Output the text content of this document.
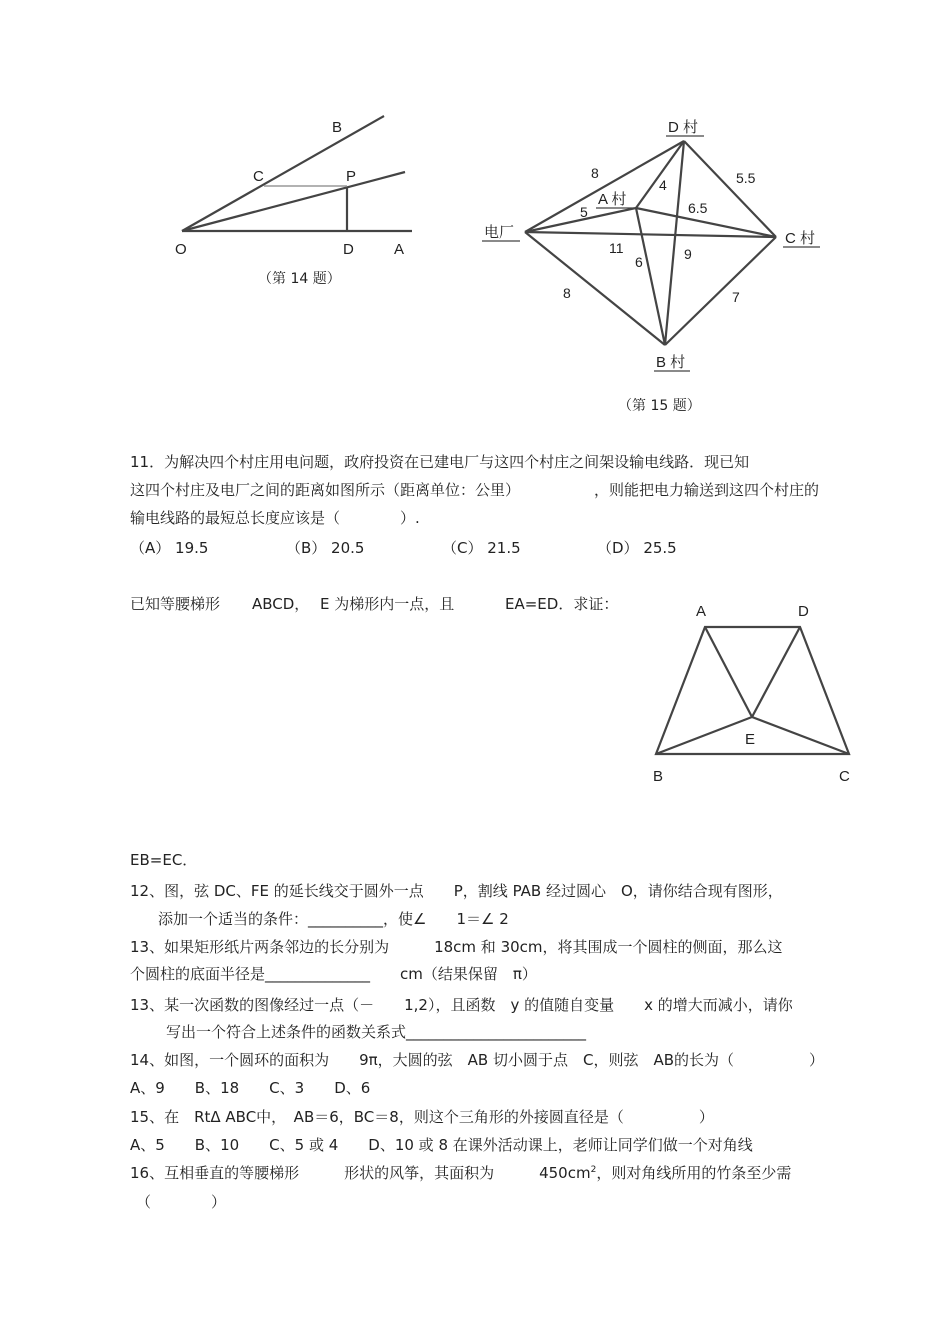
B
C	P
O	D	A
（第 14 题）
D 村
A 村
C 村
B 村
电厂
8
4	5.5
5	6.5
11
6	9
8	7
（第 15 题）
11．为解决四个村庄用电问题，政府投资在已建电厂与这四个村庄之间架设输电线路．现已知
这四个村庄及电厂之间的距离如图所示（距离单位：公里）	，则能把电力输送到这四个村庄的
输电线路的最短总长度应该是（　　　　）.
（A） 19.5	（B） 20.5	（C） 21.5	（D） 25.5
已知等腰梯形 ABCD， E 为梯形内一点，且	EA=ED．求证：	A	D
E
B	C
EB=EC．
12、图，弦 DC、FE 的延长线交于圆外一点　　P，割线 PAB 经过圆心　O，请你结合现有图形，
添加一个适当的条件：__________，使∠　　1＝∠ 2
13、如果矩形纸片两条邻边的长分别为　　　18cm 和 30cm，将其围成一个圆柱的侧面，那么这
个圆柱的底面半径是______________　　cm（结果保留　π）
13、某一次函数的图像经过一点（－　　1,2），且函数　y 的值随自变量　　x 的增大而减小，请你
写出一个符合上述条件的函数关系式________________________
14、如图，一个圆环的面积为　　9π，大圆的弦　AB 切小圆于点　C，则弦　AB的长为（　　　　　）
A、9　　B、18　　C、3　　D、6
15、在　RtΔ ABC中，　AB＝6，BC＝8，则这个三角形的外接圆直径是（　　　　　）
A、5　　B、10　　C、5 或 4　　D、10 或 8 在课外活动课上，老师让同学们做一个对角线
16、互相垂直的等腰梯形　　　形状的风筝，其面积为　　　$450cm^2$，则对角线所用的竹条至少需
（　　　　）
